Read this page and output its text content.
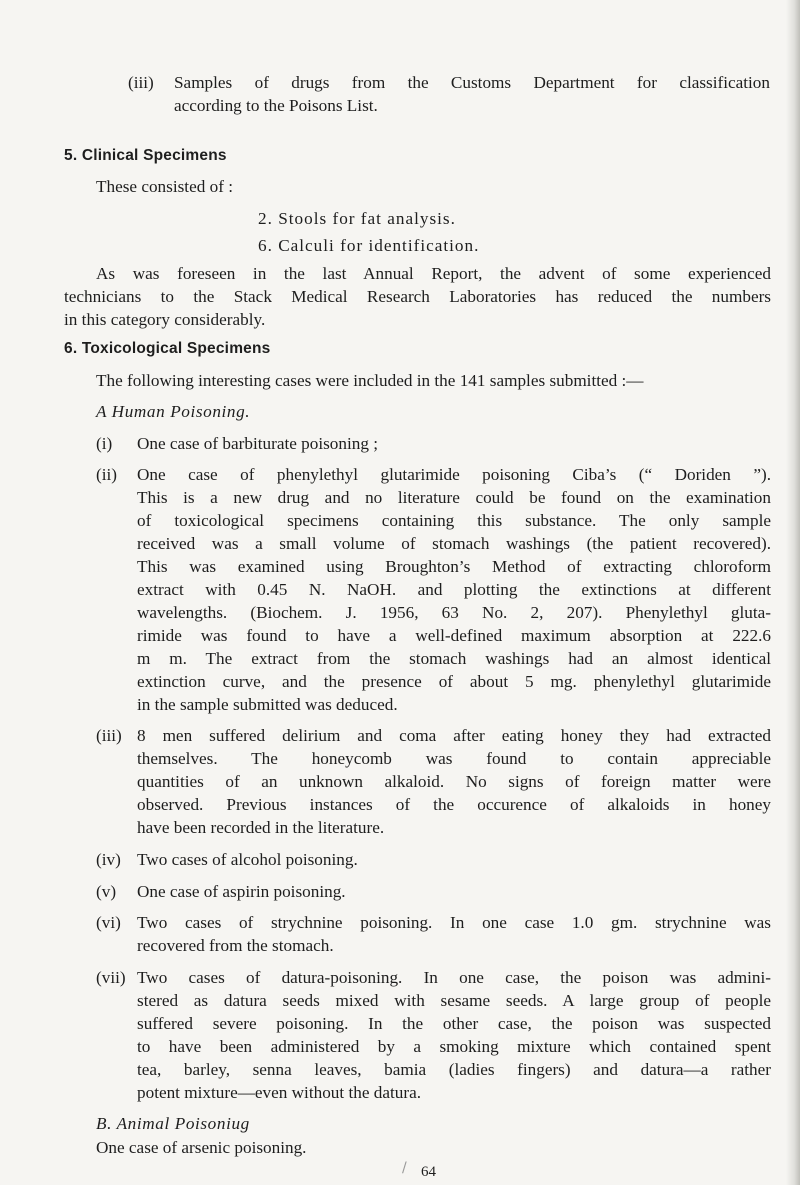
(iii) Samples of drugs from the Customs Department for classification
according to the Poisons List.
5. Clinical Specimens
These consisted of :
2. Stools for fat analysis.
6. Calculi for identification.
As was foreseen in the last Annual Report, the advent of some experienced
technicians to the Stack Medical Research Laboratories has reduced the numbers
in this category considerably.
6. Toxicological Specimens
The following interesting cases were included in the 141 samples submitted :—
A Human Poisoning.
(i) One case of barbiturate poisoning ;
(ii) One case of phenylethyl glutarimide poisoning Ciba’s (“ Doriden ”).
This is a new drug and no literature could be found on the examination
of toxicological specimens containing this substance. The only sample
received was a small volume of stomach washings (the patient recovered).
This was examined using Broughton’s Method of extracting chloroform
extract with 0.45 N. NaOH. and plotting the extinctions at different
wavelengths. (Biochem. J. 1956, 63 No. 2, 207). Phenylethyl gluta-
rimide was found to have a well-defined maximum absorption at 222.6
m m. The extract from the stomach washings had an almost identical
extinction curve, and the presence of about 5 mg. phenylethyl glutarimide
in the sample submitted was deduced.
(iii) 8 men suffered delirium and coma after eating honey they had extracted
themselves. The honeycomb was found to contain appreciable
quantities of an unknown alkaloid. No signs of foreign matter were
observed. Previous instances of the occurence of alkaloids in honey
have been recorded in the literature.
(iv) Two cases of alcohol poisoning.
(v) One case of aspirin poisoning.
(vi) Two cases of strychnine poisoning. In one case 1.0 gm. strychnine was
recovered from the stomach.
(vii) Two cases of datura-poisoning. In one case, the poison was admini-
stered as datura seeds mixed with sesame seeds. A large group of people
suffered severe poisoning. In the other case, the poison was suspected
to have been administered by a smoking mixture which contained spent
tea, barley, senna leaves, bamia (ladies fingers) and datura—a rather
potent mixture—even without the datura.
B. Animal Poisoniug
One case of arsenic poisoning.
/ 64
